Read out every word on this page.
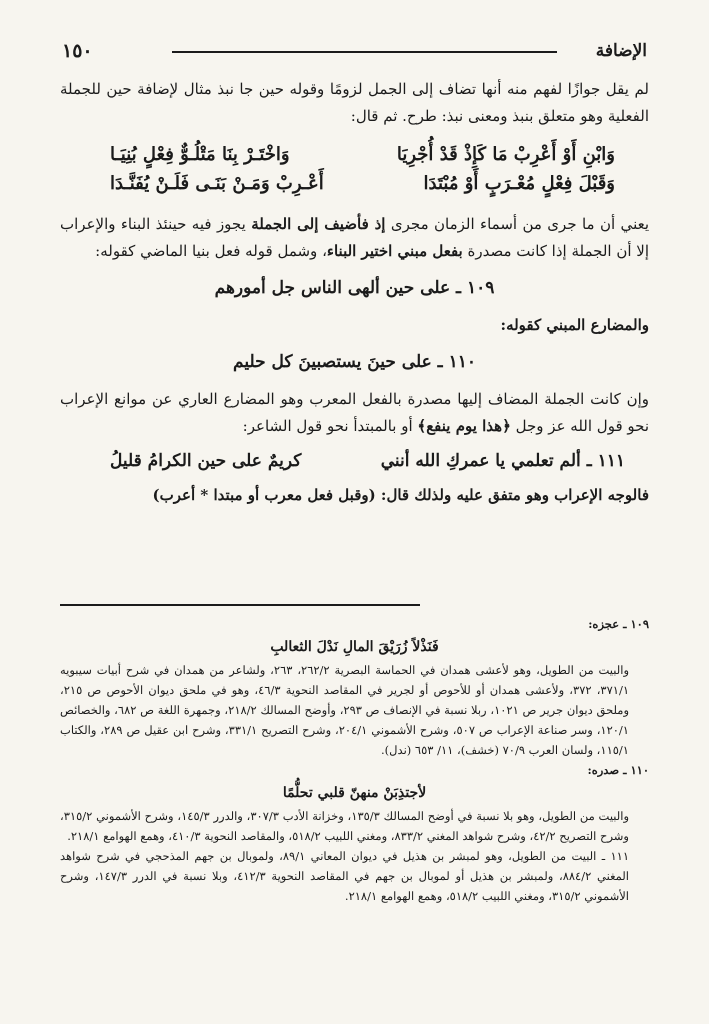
الإضافة
١٥٠

لم يقل جوازًا لفهم منه أنها تضاف إلى الجمل لزومًا وقوله حين جا نبذ مثال لإضافة حين للجملة الفعلية وهو متعلق بنبذ ومعنى نبذ: طرح. ثم قال:

وَابْنِ أَوْ أَعْرِبْ مَا كَإِذْ قَدْ أُجْرِيَا
وَاخْتَـرْ بِنَا مَتْلُـوٌّ فِعْلٍ بُنِيَـا
وَقَبْلَ فِعْلٍ مُعْـرَبٍ أَوْ مُبْتَدَا
أَعْـرِبْ وَمَـنْ بَنَـى فَلَـنْ يُفَنَّـدَا

يعني أن ما جرى من أسماء الزمان مجرى إذ فأضيف إلى الجملة يجوز فيه حينئذ البناء والإعراب إلا أن الجملة إذا كانت مصدرة بفعل مبني اختير البناء، وشمل قوله فعل بنيا الماضي كقوله:

١٠٩ ـ على حين ألهى الناس جل أمورهم

والمضارع المبني كقوله:

١١٠ ـ على حينَ يستصبينَ كل حليم

وإن كانت الجملة المضاف إليها مصدرة بالفعل المعرب وهو المضارع العاري عن موانع الإعراب نحو قول الله عز وجل ﴿هذا يوم ينفع﴾ أو بالمبتدأ نحو قول الشاعر:

١١١ ـ ألم تعلمي يا عمركِ الله أنني
كريمٌ على حين الكرامُ قليلُ

فالوجه الإعراب وهو متفق عليه ولذلك قال: (وقبل فعل معرب أو مبتدا * أعرب)

١٠٩ ـ عجزه:

فَنَذْلاً زُرَيْقَ المالِ نَدْلَ الثعالبِ

والبيت من الطويل، وهو لأعشى همدان في الحماسة البصرية ٢٦٢/٢، ٢٦٣، ولشاعر من همدان في شرح أبيات سيبويه ٣٧١/١، ٣٧٢، ولأعشى همدان أو للأحوص أو لجرير في المقاصد النحوية ٤٦/٣، وهو في ملحق ديوان الأحوص ص ٢١٥، وملحق ديوان جرير ص ١٠٢١، ربلا نسبة في الإنصاف ص ٢٩٣، وأوضح المسالك ٢١٨/٢، وجمهرة اللغة ص ٦٨٢، والخصائص ١٢٠/١، وسر صناعة الإعراب ص ٥٠٧، وشرح الأشموني ٢٠٤/١، وشرح التصريح ٣٣١/١، وشرح ابن عقيل ص ٢٨٩، والكتاب ١١٥/١، ولسان العرب ٧٠/٩ (خشف)، ١١/ ٦٥٣ (ندل).

١١٠ ـ صدره:

لأجتذِبَنْ منهنّ قلبي تحلُّمًا

والبيت من الطويل، وهو بلا نسبة في أوضح المسالك ١٣٥/٣، وخزانة الأدب ٣٠٧/٣، والدرر ١٤٥/٣، وشرح الأشموني ٣١٥/٢، وشرح التصريح ٤٢/٢، وشرح شواهد المغني ٨٣٣/٢، ومغني اللبيب ٥١٨/٢، والمقاصد النحوية ٤١٠/٣، وهمع الهوامع ٢١٨/١.

١١١ ـ البيت من الطويل، وهو لمبشر بن هذيل في ديوان المعاني ٨٩/١، ولموبال بن جهم المذحجي في شرح شواهد المغني ٨٨٤/٢، ولمبشر بن هذيل أو لموبال بن جهم في المقاصد النحوية ٤١٢/٣، وبلا نسبة في الدرر ١٤٧/٣، وشرح الأشموني ٣١٥/٢، ومغني اللبيب ٥١٨/٢، وهمع الهوامع ٢١٨/١.
